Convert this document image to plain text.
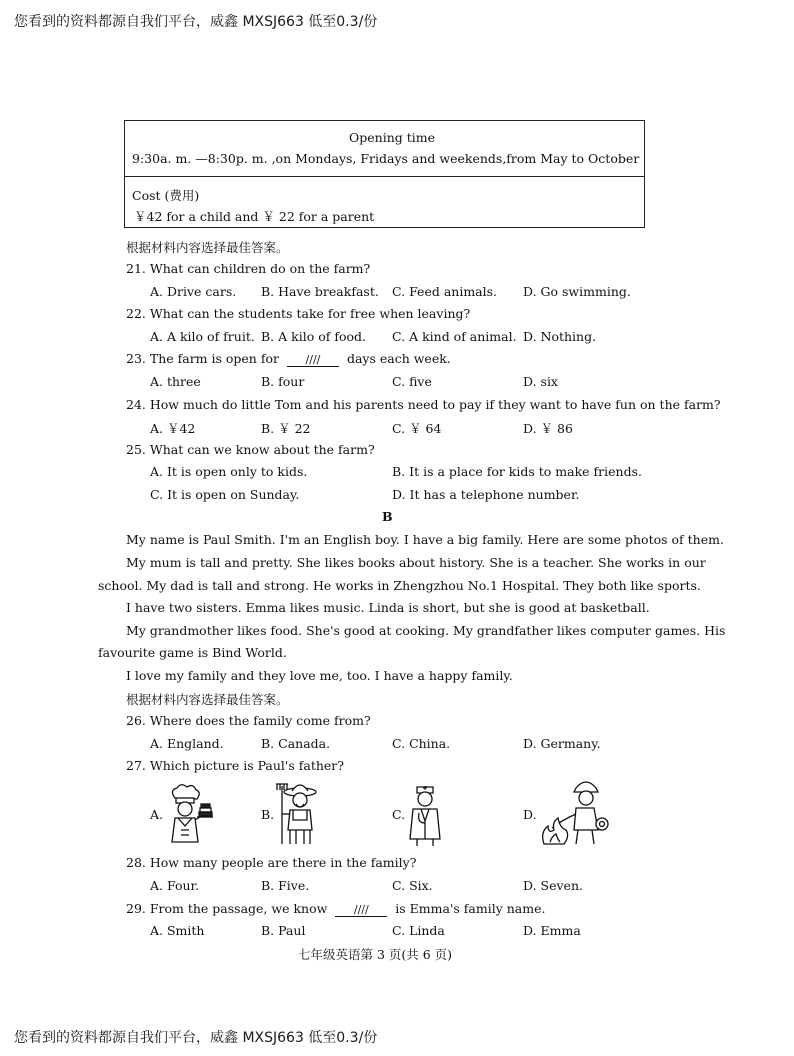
您看到的资料都源自我们平台，威鑫 MXSJ663 低至0.3/份
Opening time
9:30a. m. —8:30p. m. ,on Mondays, Fridays and weekends,from May to October
Cost (费用)
￥42 for a child and ￥ 22 for a parent
根据材料内容选择最佳答案。
21. What can children do on the farm?
A. Drive cars. B. Have breakfast. C. Feed animals. D. Go swimming.
22. What can the students take for free when leaving?
A. A kilo of fruit. B. A kilo of food. C. A kind of animal. D. Nothing.
23. The farm is open for //// days each week.
A. three	B. four	C. five	D. six
24. How much do little Tom and his parents need to pay if they want to have fun on the farm?
A. ￥42	B. ￥ 22	C. ￥ 64	D. ￥ 86
25. What can we know about the farm?
A. It is open only to kids.	B. It is a place for kids to make friends.
C. It is open on Sunday.	D. It has a telephone number.
B
My name is Paul Smith. I'm an English boy. I have a big family. Here are some photos of them.
My mum is tall and pretty. She likes books about history. She is a teacher. She works in our
school. My dad is tall and strong. He works in Zhengzhou No.1 Hospital. They both like sports.
I have two sisters. Emma likes music. Linda is short, but she is good at basketball.
My grandmother likes food. She's good at cooking. My grandfather likes computer games. His
favourite game is Bind World.
I love my family and they love me, too. I have a happy family.
根据材料内容选择最佳答案。
26. Where does the family come from?
A. England.	B. Canada.	C. China.	D. Germany.
27. Which picture is Paul's father?
A.	B.	C.	D.
28. How many people are there in the family?
A. Four.	B. Five.	C. Six.	D. Seven.
29. From the passage, we know //// is Emma's family name.
A. Smith	B. Paul	C. Linda	D. Emma
七年级英语第 3 页(共 6 页)
您看到的资料都源自我们平台，威鑫 MXSJ663 低至0.3/份
